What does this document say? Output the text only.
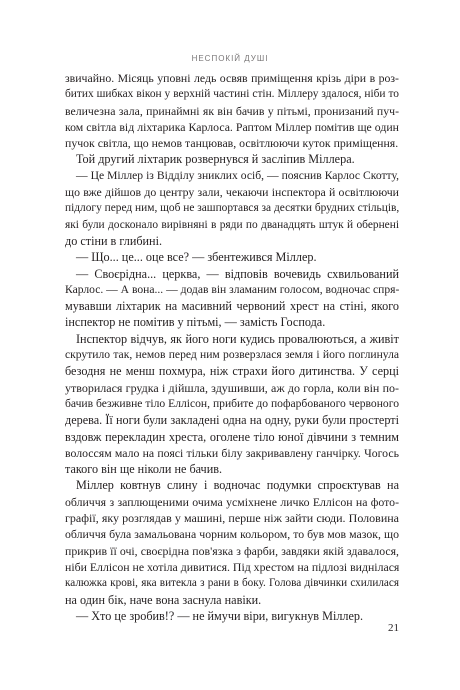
НЕСПОКІЙ ДУШІ
звичайно. Місяць уповні ледь освяв приміщення крізь діри в роз-
битих шибках вікон у верхній частині стін. Міллеру здалося, ніби то
величезна зала, принаймні як він бачив у пітьмі, пронизаний пуч-
ком світла від ліхтарика Карлоса. Раптом Міллер помітив ще один
пучок світла, що немов танцював, освітлюючи куток приміщення.
Той другий ліхтарик розвернувся й засліпив Міллера.
— Це Міллер із Відділу зниклих осіб, — пояснив Карлос Скотту,
що вже дійшов до центру зали, чекаючи інспектора й освітлюючи
підлогу перед ним, щоб не зашпортався за десятки брудних стільців,
які були досконало вирівняні в ряди по дванадцять штук й обернені
до стіни в глибині.
— Що... це... оце все? — збентежився Міллер.
— Своєрідна... церква, — відповів вочевидь схвильований
Карлос. — А вона... — додав він зламаним голосом, водночас спря-
мувавши ліхтарик на масивний червоний хрест на стіні, якого
інспектор не помітив у пітьмі, — замість Господа.
Інспектор відчув, як його ноги кудись провалюються, а живіт
скрутило так, немов перед ним розверзлася земля і його поглинула
безодня не менш похмура, ніж страхи його дитинства. У серці
утворилася грудка і дійшла, здушивши, аж до горла, коли він по-
бачив безживне тіло Еллісон, прибите до пофарбованого червоного
дерева. Її ноги були закладені одна на одну, руки були простерті
вздовж перекладин хреста, оголене тіло юної дівчини з темним
волоссям мало на поясі тільки білу закривавлену ганчірку. Чогось
такого він ще ніколи не бачив.
Міллер ковтнув слину і водночас подумки спроєктував на
обличчя з заплющеними очима усміхнене личко Еллісон на фото-
графії, яку розглядав у машині, перше ніж зайти сюди. Половина
обличчя була замальована чорним кольором, то був мов мазок, що
прикрив її очі, своєрідна пов'язка з фарби, завдяки якій здавалося,
ніби Еллісон не хотіла дивитися. Під хрестом на підлозі виднілася
калюжка крові, яка витекла з рани в боку. Голова дівчинки схилилася
на один бік, наче вона заснула навіки.
— Хто це зробив!? — не ймучи віри, вигукнув Міллер.
21
